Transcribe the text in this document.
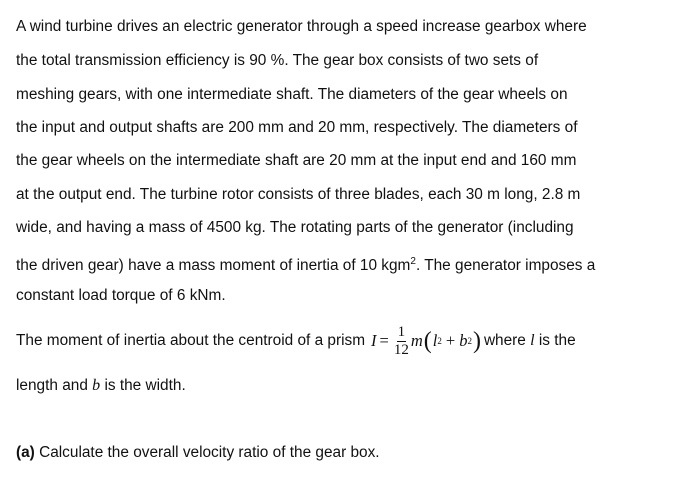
A wind turbine drives an electric generator through a speed increase gearbox where
the total transmission efficiency is 90 %. The gear box consists of two sets of
meshing gears, with one intermediate shaft. The diameters of the gear wheels on
the input and output shafts are 200 mm and 20 mm, respectively. The diameters of
the gear wheels on the intermediate shaft are 20 mm at the input end and 160 mm
at the output end. The turbine rotor consists of three blades, each 30 m long, 2.8 m
wide, and having a mass of 4500 kg. The rotating parts of the generator (including
the driven gear) have a mass moment of inertia of 10 kgm$^2$. The generator imposes a
constant load torque of 6 kNm.
The moment of inertia about the centroid of a prism $I = \frac{1}{12}$ m ( l 2 + b 2 ) where
l
is the
length and b is the width.
(a) Calculate the overall velocity ratio of the gear box.
